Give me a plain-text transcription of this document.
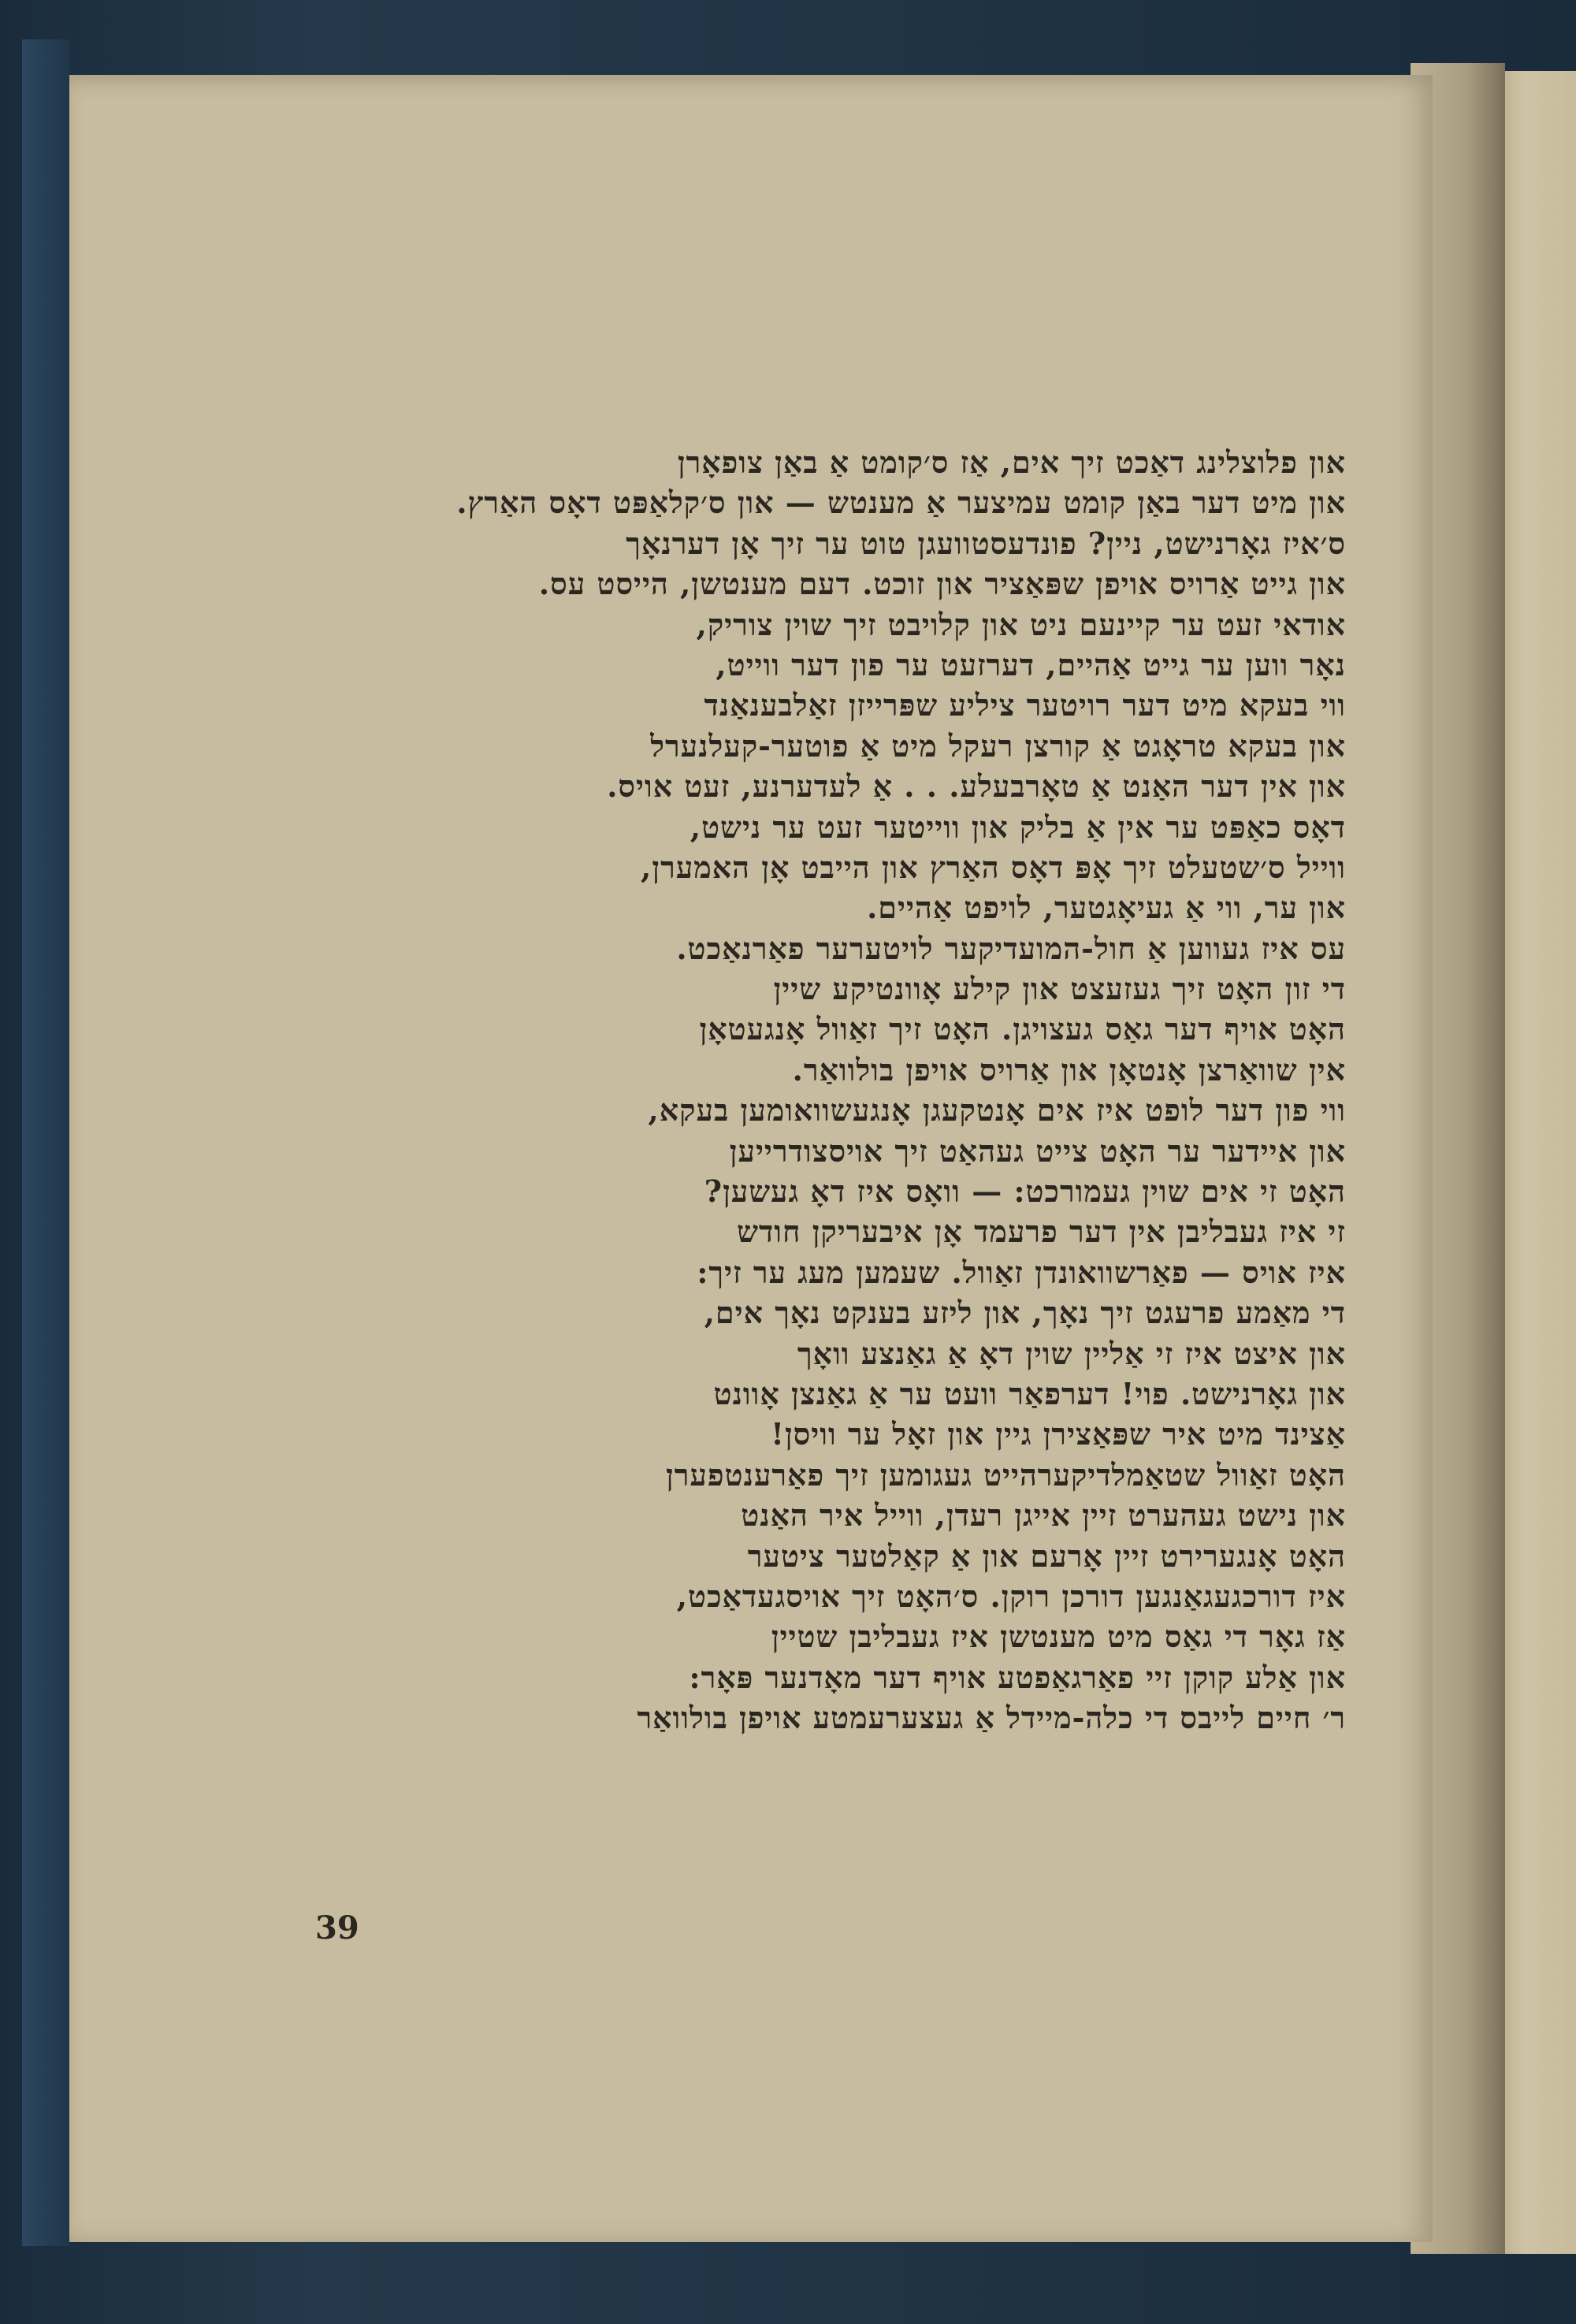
און פלוצלינג דאַכט זיך אים, אַז ס׳קומט אַ באַן צופאָרן
און מיט דער באַן קומט עמיצער אַ מענטש — און ס׳קלאַפּט דאָס האַרץ.
ס׳איז גאָרנישט, ניין? פונדעסטוועגן טוט ער זיך אָן דערנאָך
און גייט אַרויס אויפן שפּאַציר און זוכט. דעם מענטשן, הייסט עס.
אודאי זעט ער קיינעם ניט און קלויבט זיך שוין צוריק,
נאָר ווען ער גייט אַהיים, דערזעט ער פון דער ווייט,
ווי בעקא מיט דער רויטער ציליע שפּרייזן זאַלבענאַנד
און בעקא טראָגט אַ קורצן רעקל מיט אַ פוטער-קעלנערל
און אין דער האַנט אַ טאָרבעלע. . . אַ לעדערנע, זעט אויס.
דאָס כאַפּט ער אין אַ בליק און ווייטער זעט ער נישט,
ווייל ס׳שטעלט זיך אָפּ דאָס האַרץ און הייבט אָן האמערן,
און ער, ווי אַ געיאָגטער, לויפט אַהיים.
עס איז געווען אַ חול-המועדיקער לויטערער פאַרנאַכט.
די זון האָט זיך געזעצט און קילע אָוונטיקע שיין
האָט אויף דער גאַס געצויגן. האָט זיך זאַוול אָנגעטאָן
אין שוואַרצן אָנטאָן און אַרויס אויפן בולוואַר.
ווי פון דער לופט איז אים אָנטקעגן אָנגעשוואומען בעקא,
און איידער ער האָט צייט געהאַט זיך אויסצודרייען
האָט זי אים שוין געמורכט: — וואָס איז דאָ געשען?
זי איז געבליבן אין דער פרעמד אָן איבעריקן חודש
איז אויס — פאַרשוואונדן זאַוול. שעמען מעג ער זיך:
די מאַמע פרעגט זיך נאָך, און ליזע בענקט נאָך אים,
און איצט איז זי אַליין שוין דאָ אַ גאַנצע וואָך
און גאָרנישט. פוי! דערפאַר וועט ער אַ גאַנצן אָוונט
אַצינד מיט איר שפּאַצירן גיין און זאָל ער וויסן!
האָט זאַוול שטאַמלדיקערהייט געגומען זיך פאַרענטפערן
און נישט געהערט זיין אייגן רעדן, ווייל איר האַנט
האָט אָנגערירט זיין אָרעם און אַ קאַלטער ציטער
איז דורכגעגאַנגען דורכן רוקן. ס׳האָט זיך אויסגעדאַכט,
אַז גאָר די גאַס מיט מענטשן איז געבליבן שטיין
און אַלע קוקן זיי פאַרגאַפטע אויף דער מאָדנער פּאָר:
ר׳ חיים לייבס די כלה-מיידל אַ געצערעמטע אויפן בולוואַר
39
